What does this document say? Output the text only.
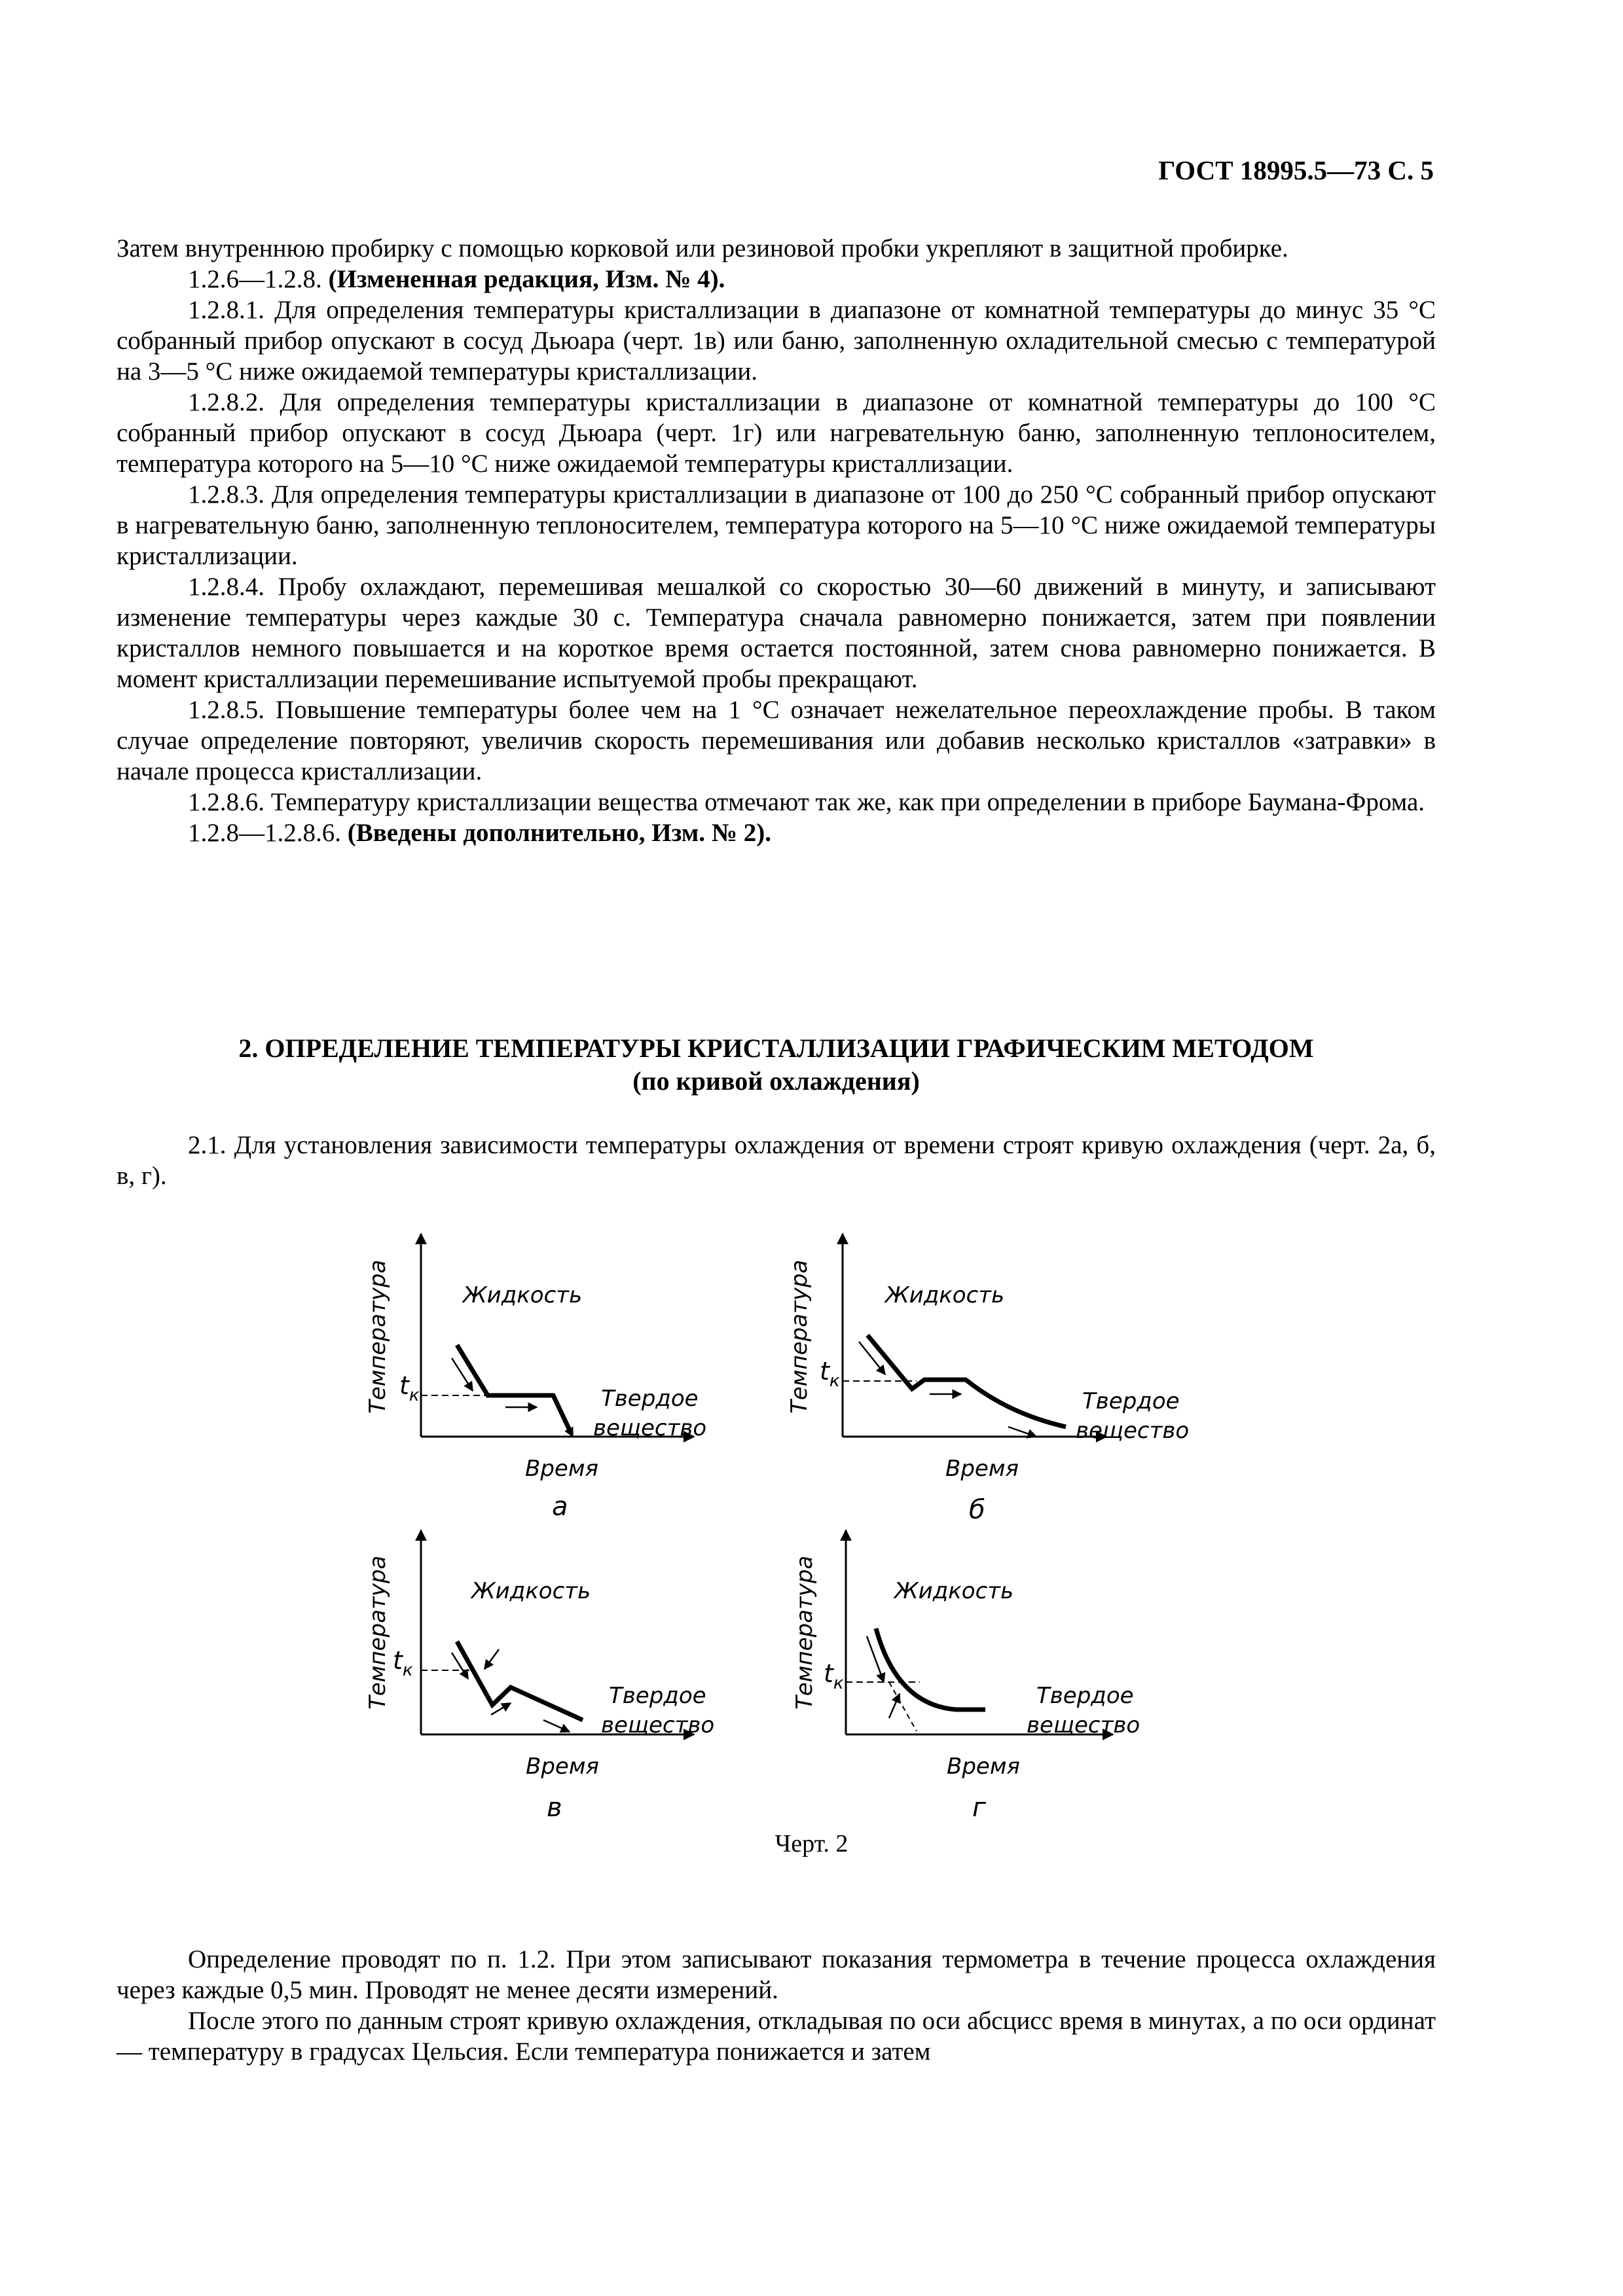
ГОСТ 18995.5—73 С. 5

Затем внутреннюю пробирку с помощью корковой или резиновой пробки укрепляют в защитной пробирке.

1.2.6—1.2.8. (Измененная редакция, Изм. № 4).

1.2.8.1. Для определения температуры кристаллизации в диапазоне от комнатной температуры до минус 35 °С собранный прибор опускают в сосуд Дьюара (черт. 1в) или баню, заполненную охладительной смесью с температурой на 3—5 °С ниже ожидаемой температуры кристаллизации.

1.2.8.2. Для определения температуры кристаллизации в диапазоне от комнатной температуры до 100 °С собранный прибор опускают в сосуд Дьюара (черт. 1г) или нагревательную баню, заполненную теплоносителем, температура которого на 5—10 °С ниже ожидаемой температуры кристаллизации.

1.2.8.3. Для определения температуры кристаллизации в диапазоне от 100 до 250 °С собранный прибор опускают в нагревательную баню, заполненную теплоносителем, температура которого на 5—10 °С ниже ожидаемой температуры кристаллизации.

1.2.8.4. Пробу охлаждают, перемешивая мешалкой со скоростью 30—60 движений в минуту, и записывают изменение температуры через каждые 30 с. Температура сначала равномерно понижается, затем при появлении кристаллов немного повышается и на короткое время остается постоянной, затем снова равномерно понижается. В момент кристаллизации перемешивание испытуемой пробы прекращают.

1.2.8.5. Повышение температуры более чем на 1 °С означает нежелательное переохлаждение пробы. В таком случае определение повторяют, увеличив скорость перемешивания или добавив несколько кристаллов «затравки» в начале процесса кристаллизации.

1.2.8.6. Температуру кристаллизации вещества отмечают так же, как при определении в приборе Баумана-Фрома.

1.2.8—1.2.8.6. (Введены дополнительно, Изм. № 2).

2. ОПРЕДЕЛЕНИЕ ТЕМПЕРАТУРЫ КРИСТАЛЛИЗАЦИИ ГРАФИЧЕСКИМ МЕТОДОМ
(по кривой охлаждения)

2.1. Для установления зависимости температуры охлаждения от времени строят кривую охлаждения (черт. 2а, б, в, г).

Температура	Жидкость
$t_к$	Твердое
вещество
Время
а
Температура	Жидкость
$t_к$
Твердое
вещество
Время
б
Температура	Жидкость
$t_к$
Твердое
вещество
Время
в
Температура	Жидкость
$t_к$	Твердое
вещество
Время
г
Черт. 2

Определение проводят по п. 1.2. При этом записывают показания термометра в течение процесса охлаждения через каждые 0,5 мин. Проводят не менее десяти измерений.

После этого по данным строят кривую охлаждения, откладывая по оси абсцисс время в минутах, а по оси ординат — температуру в градусах Цельсия. Если температура понижается и затем
